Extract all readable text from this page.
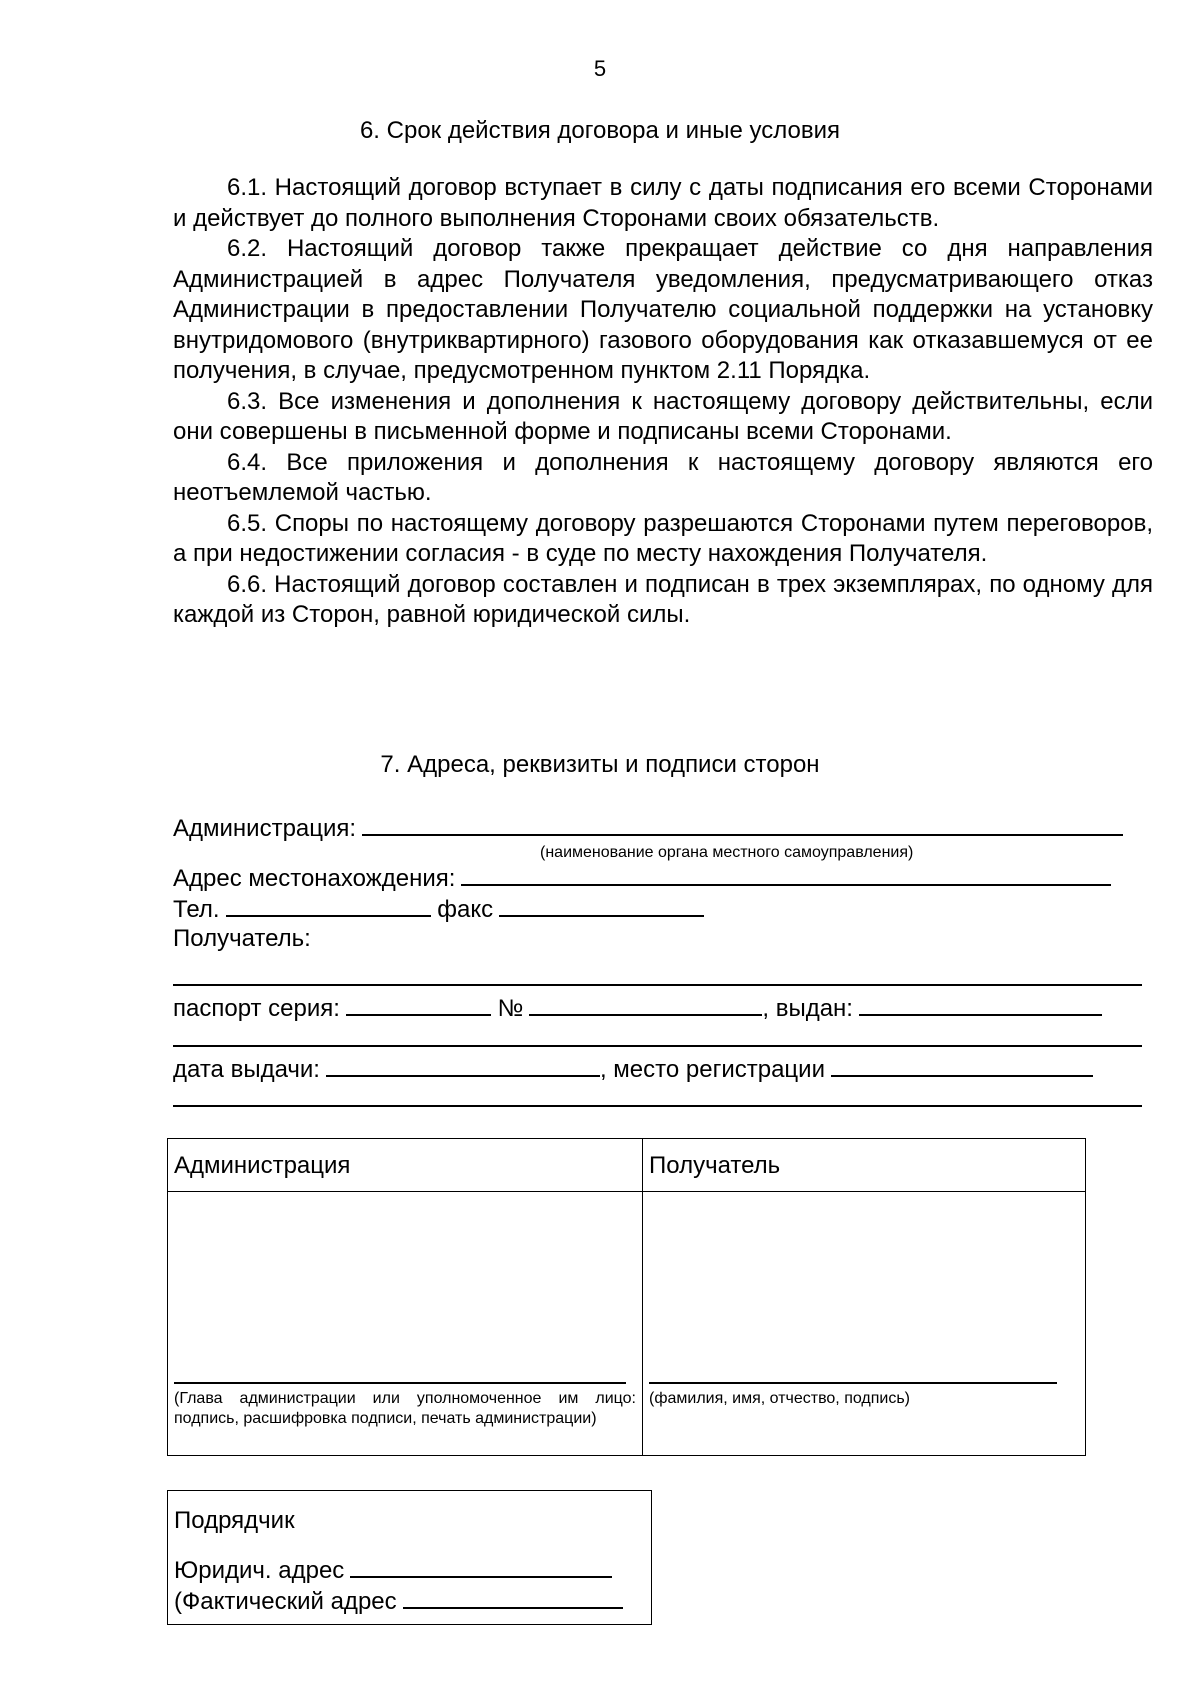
5
6. Срок действия договора и иные условия

6.1. Настоящий договор вступает в силу с даты подписания его всеми Сторонами и действует до полного выполнения Сторонами своих обязательств.

6.2. Настоящий договор также прекращает действие со дня направления Администрацией в адрес Получателя уведомления, предусматривающего отказ Администрации в предоставлении Получателю социальной поддержки на установку внутридомового (внутриквартирного) газового оборудования как отказавшемуся от ее получения, в случае, предусмотренном пунктом 2.11 Порядка.

6.3. Все изменения и дополнения к настоящему договору действительны, если они совершены в письменной форме и подписаны всеми Сторонами.

6.4. Все приложения и дополнения к настоящему договору являются его неотъемлемой частью.

6.5. Споры по настоящему договору разрешаются Сторонами путем переговоров, а при недостижении согласия - в суде по месту нахождения Получателя.

6.6. Настоящий договор составлен и подписан в трех экземплярах, по одному для каждой из Сторон, равной юридической силы.

7. Адреса, реквизиты и подписи сторон
Администрация:
(наименование органа местного самоуправления)
Адрес местонахождения:
Тел.	факс
Получатель:
паспорт серия:	№	, выдан:
дата выдачи:	, место регистрации
Администрация	Получатель
(Глава администрации или уполномоченное им лицо: подпись, расшифровка подписи, печать администрации)
(фамилия, имя, отчество, подпись)
Подрядчик
Юридич. адрес
(Фактический адрес
